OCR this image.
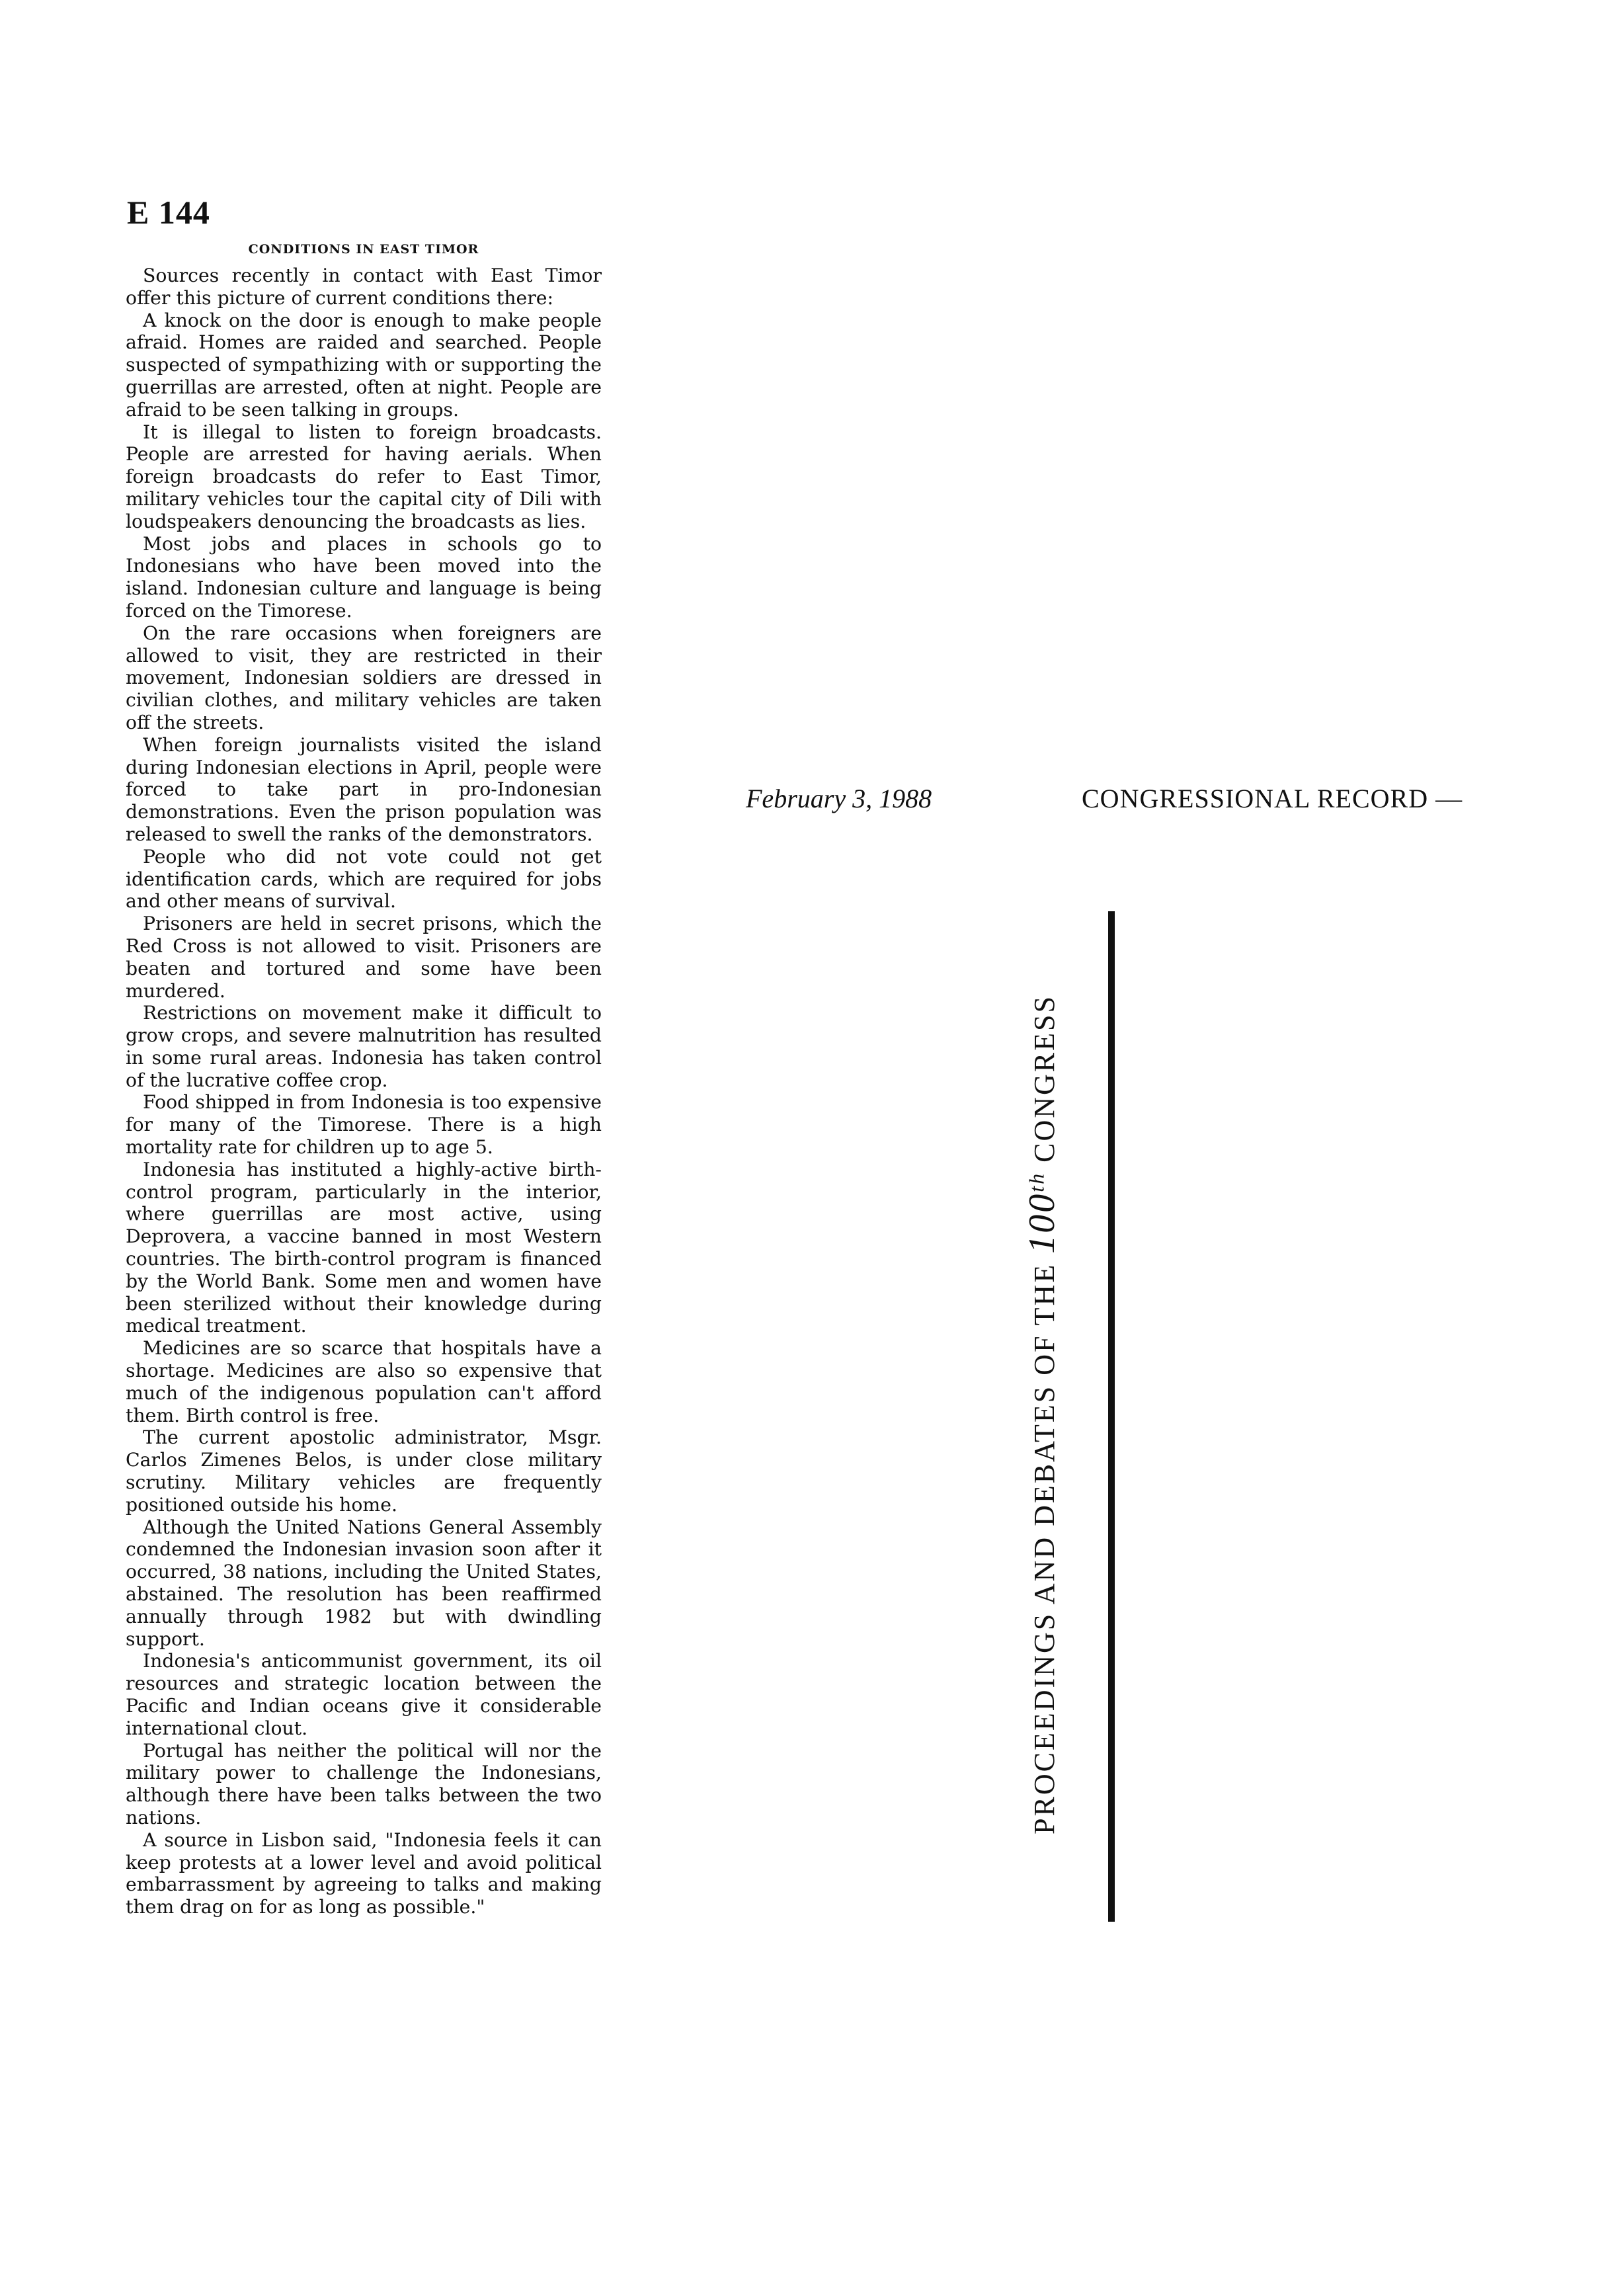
E 144
CONDITIONS IN EAST TIMOR

Sources recently in contact with East Timor offer this picture of current conditions there:

A knock on the door is enough to make people afraid. Homes are raided and searched. People suspected of sympathizing with or supporting the guerrillas are arrested, often at night. People are afraid to be seen talking in groups.

It is illegal to listen to foreign broadcasts. People are arrested for having aerials. When foreign broadcasts do refer to East Timor, military vehicles tour the capital city of Dili with loudspeakers denouncing the broadcasts as lies.

Most jobs and places in schools go to Indonesians who have been moved into the island. Indonesian culture and language is being forced on the Timorese.

On the rare occasions when foreigners are allowed to visit, they are restricted in their movement, Indonesian soldiers are dressed in civilian clothes, and military vehicles are taken off the streets.

When foreign journalists visited the island during Indonesian elections in April, people were forced to take part in pro-Indonesian demonstrations. Even the prison population was released to swell the ranks of the demonstrators.

People who did not vote could not get identification cards, which are required for jobs and other means of survival.

Prisoners are held in secret prisons, which the Red Cross is not allowed to visit. Prisoners are beaten and tortured and some have been murdered.

Restrictions on movement make it difficult to grow crops, and severe malnutrition has resulted in some rural areas. Indonesia has taken control of the lucrative coffee crop.

Food shipped in from Indonesia is too expensive for many of the Timorese. There is a high mortality rate for children up to age 5.

Indonesia has instituted a highly-active birth-control program, particularly in the interior, where guerrillas are most active, using Deprovera, a vaccine banned in most Western countries. The birth-control program is financed by the World Bank. Some men and women have been sterilized without their knowledge during medical treatment.

Medicines are so scarce that hospitals have a shortage. Medicines are also so expensive that much of the indigenous population can't afford them. Birth control is free.

The current apostolic administrator, Msgr. Carlos Zimenes Belos, is under close military scrutiny. Military vehicles are frequently positioned outside his home.

Although the United Nations General Assembly condemned the Indonesian invasion soon after it occurred, 38 nations, including the United States, abstained. The resolution has been reaffirmed annually through 1982 but with dwindling support.

Indonesia's anticommunist government, its oil resources and strategic location between the Pacific and Indian oceans give it considerable international clout.

Portugal has neither the political will nor the military power to challenge the Indonesians, although there have been talks between the two nations.

A source in Lisbon said, "Indonesia feels it can keep protests at a lower level and avoid political embarrassment by agreeing to talks and making them drag on for as long as possible."

February 3, 1988	CONGRESSIONAL RECORD —
PROCEEDINGS AND DEBATES OF THE 100th CONGRESS
